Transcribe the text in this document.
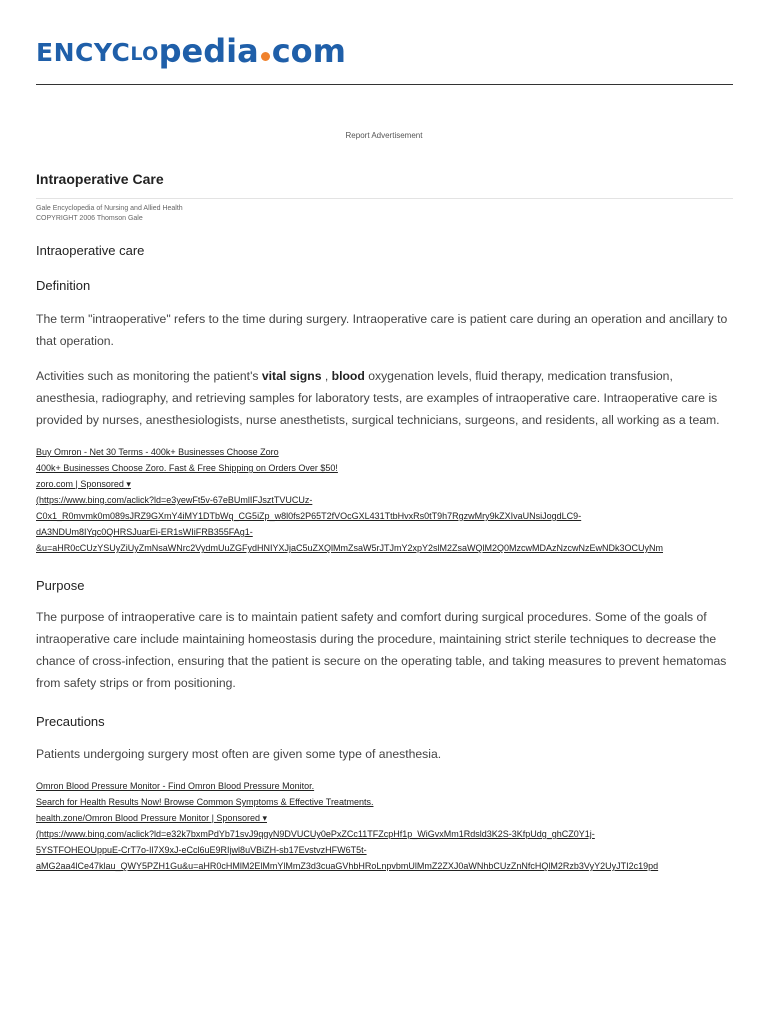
ENCYCLOpedia com
Report Advertisement
Intraoperative Care
Gale Encyclopedia of Nursing and Allied Health
COPYRIGHT 2006 Thomson Gale
Intraoperative care
Definition

The term "intraoperative" refers to the time during surgery. Intraoperative care is patient care during an operation and ancillary to that operation.

Activities such as monitoring the patient's vital signs , blood oxygenation levels, fluid therapy, medication transfusion, anesthesia, radiography, and retrieving samples for laboratory tests, are examples of intraoperative care. Intraoperative care is provided by nurses, anesthesiologists, nurse anesthetists, surgical technicians, surgeons, and residents, all working as a team.

Buy Omron - Net 30 Terms - 400k+ Businesses Choose Zoro
400k+ Businesses Choose Zoro. Fast & Free Shipping on Orders Over $50!
zoro.com | Sponsored ▾
(https://www.bing.com/aclick?ld=e3yewFt5v-67eBUmlIFJsztTVUCUz-
C0x1_R0mvmk0m089sJRZ9GXmY4iMY1DTbWq_CG5iZp_w8l0fs2P65T2fVOcGXL431TtbHvxRs0tT9h7RgzwMry9kZXIvaUNsiJogdLC9-
dA3NDUm8IYqc0QHRSJuarEi-ER1sWIiFRB355FAg1-
&u=aHR0cCUzYSUyZiUyZmNsaWNrc2VydmUuZGFydHNIYXJjaC5uZXQlMmZsaW5rJTJmY2xpY2slM2ZsaWQlM2Q0MzcwMDAzNzcwNzEwNDk3OCUyNm
Purpose

The purpose of intraoperative care is to maintain patient safety and comfort during surgical procedures. Some of the goals of intraoperative care include maintaining homeostasis during the procedure, maintaining strict sterile techniques to decrease the chance of cross-infection, ensuring that the patient is secure on the operating table, and taking measures to prevent hematomas from safety strips or from positioning.

Precautions

Patients undergoing surgery most often are given some type of anesthesia.

Omron Blood Pressure Monitor - Find Omron Blood Pressure Monitor.
Search for Health Results Now! Browse Common Symptoms & Effective Treatments.
health.zone/Omron Blood Pressure Monitor | Sponsored ▾
(https://www.bing.com/aclick?ld=e32k7bxmPdYb71svJ9qgyN9DVUCUy0ePxZCc11TFZcpHf1p_WiGvxMm1Rdsld3K2S-3KfpUdg_ghCZ0Y1j-
5YSTFOHEOUppuE-CrT7o-Il7X9xJ-eCcl6uE9RIjwl8uVBiZH-sb17EvstvzHFW6T5t-
aMG2aa4lCe47klau_QWY5PZH1Gu&u=aHR0cHMlM2ElMmYlMmZ3d3cuaGVhbHRoLnpvbmUlMmZ2ZXJ0aWNhbCUzZnNfcHQlM2Rzb3VyY2UyJTI2c19pd
